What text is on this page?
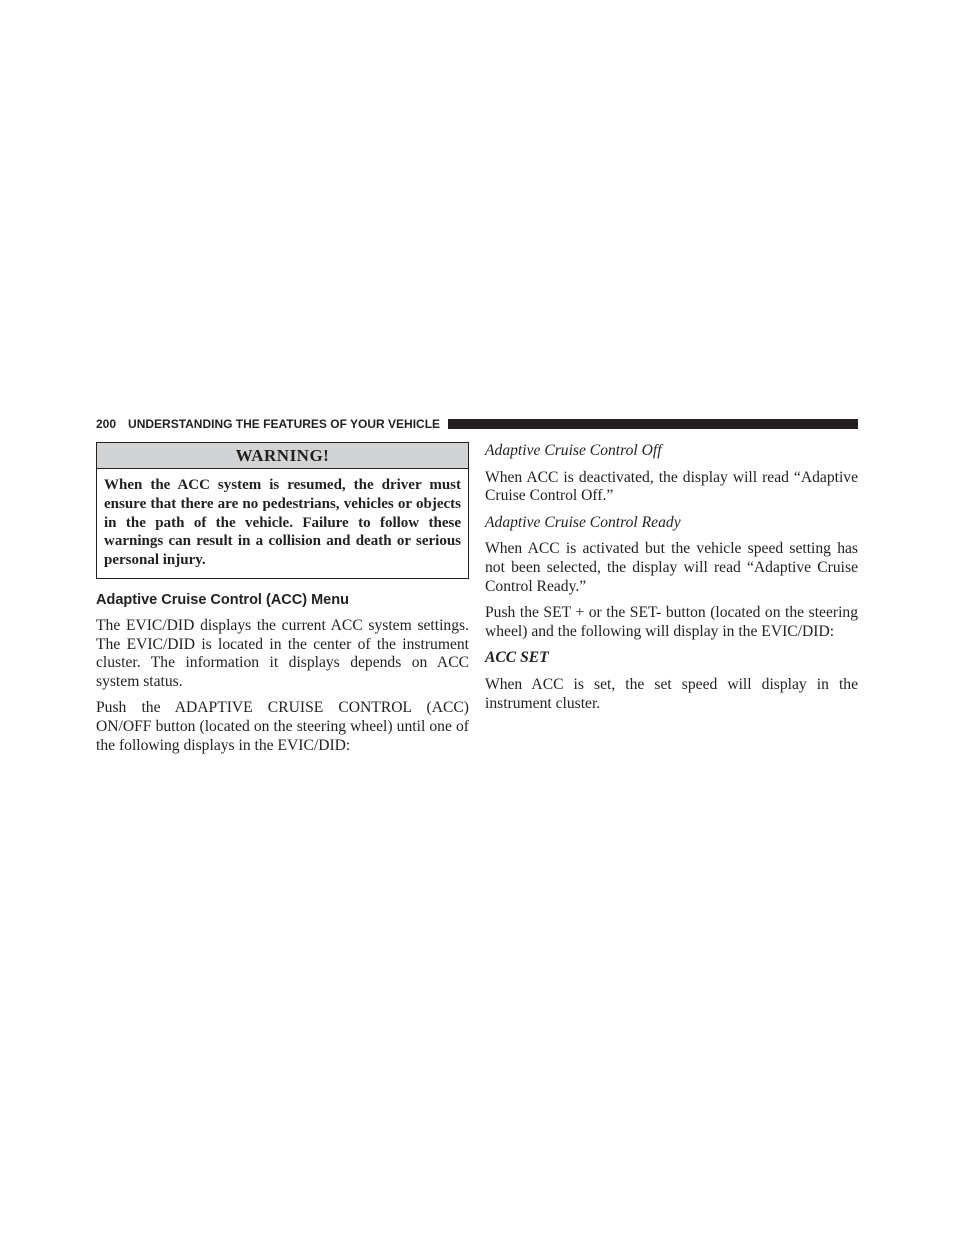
200 UNDERSTANDING THE FEATURES OF YOUR VEHICLE
WARNING!

When the ACC system is resumed, the driver must ensure that there are no pedestrians, vehicles or objects in the path of the vehicle. Failure to follow these warnings can result in a collision and death or serious personal injury.

Adaptive Cruise Control (ACC) Menu

The EVIC/DID displays the current ACC system settings. The EVIC/DID is located in the center of the instrument cluster. The information it displays depends on ACC system status.

Push the ADAPTIVE CRUISE CONTROL (ACC) ON/OFF button (located on the steering wheel) until one of the following displays in the EVIC/DID:

Adaptive Cruise Control Off

When ACC is deactivated, the display will read “Adaptive Cruise Control Off.”

Adaptive Cruise Control Ready

When ACC is activated but the vehicle speed setting has not been selected, the display will read “Adaptive Cruise Control Ready.”

Push the SET + or the SET- button (located on the steering wheel) and the following will display in the EVIC/DID:

ACC SET

When ACC is set, the set speed will display in the instrument cluster.
